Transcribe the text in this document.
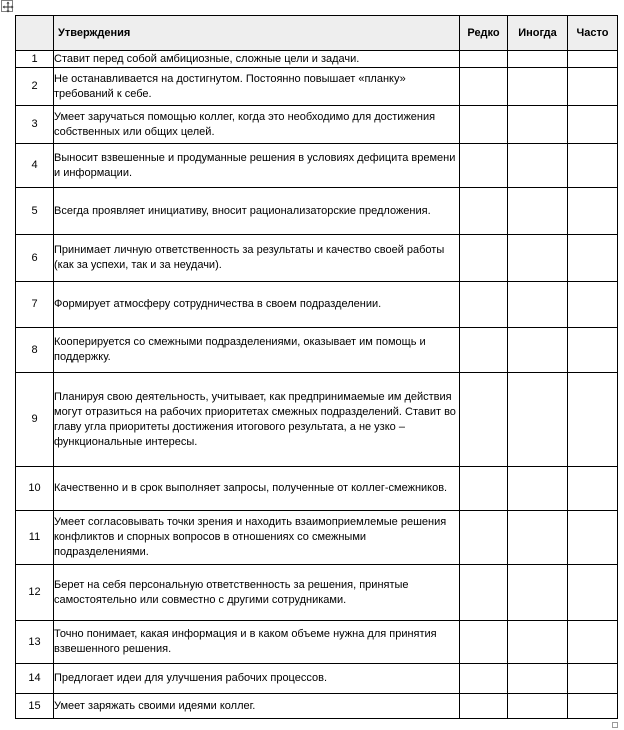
	Утверждения	Редко	Иногда	Часто
1	Ставит перед собой амбициозные, сложные цели и задачи.			
2	Не останавливается на достигнутом. Постоянно повышает «планку» требований к себе.			
3	Умеет заручаться помощью коллег, когда это необходимо для достижения собственных или общих целей.			
4	Выносит взвешенные и продуманные решения в условиях дефицита времени и информации.			
5	Всегда проявляет инициативу, вносит рационализаторские предложения.			
6	Принимает личную ответственность за результаты и качество своей работы (как за успехи, так и за неудачи).			
7	Формирует атмосферу сотрудничества в своем подразделении.			
8	Кооперируется со смежными подразделениями, оказывает им помощь и поддержку.			
9	Планируя свою деятельность, учитывает, как предпринимаемые им действия могут отразиться на рабочих приоритетах смежных подразделений. Ставит во главу угла приоритеты достижения итогового результата, а не узко – функциональные интересы.			
10	Качественно и в срок выполняет запросы, полученные от коллег-смежников.			
11	Умеет согласовывать точки зрения и находить взаимоприемлемые решения конфликтов и спорных вопросов в отношениях со смежными подразделениями.			
12	Берет на себя персональную ответственность за решения, принятые самостоятельно или совместно с другими сотрудниками.			
13	Точно понимает, какая информация и в каком объеме нужна для принятия взвешенного решения.			
14	Предлогает идеи для улучшения рабочих процессов.			
15	Умеет заряжать своими идеями коллег.			
